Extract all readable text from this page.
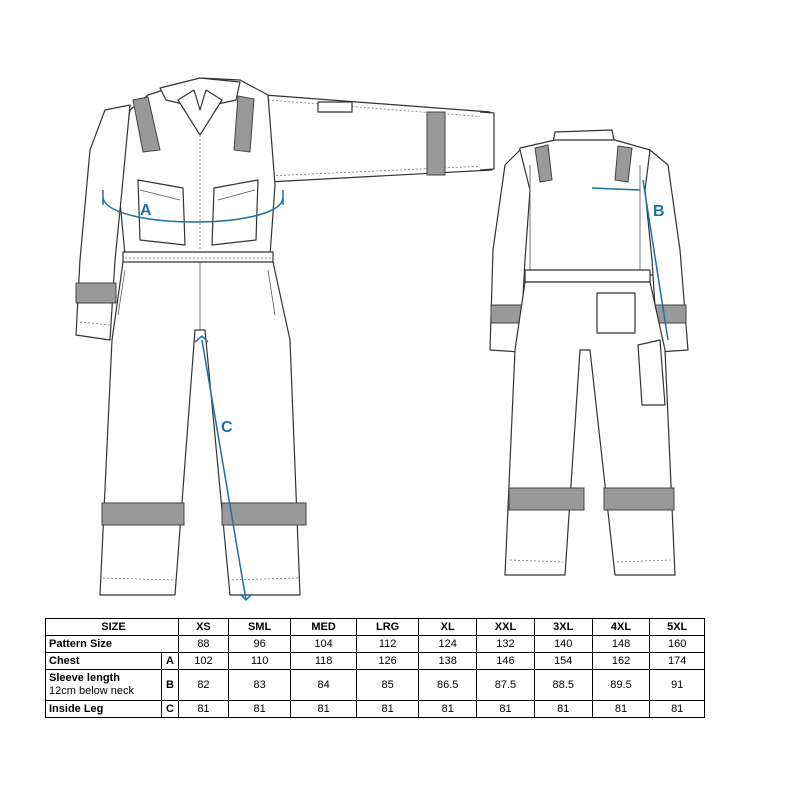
A	B
C
SIZE		XS	SML	MED	LRG	XL	XXL	3XL	4XL	5XL
Pattern Size		88	96	104	112	124	132	140	148	160
Chest	A	102	110	118	126	138	146	154	162	174
Sleeve length
12cm below neck	B	82	83	84	85	86.5	87.5	88.5	89.5	91
Inside Leg	C	81	81	81	81	81	81	81	81	81
